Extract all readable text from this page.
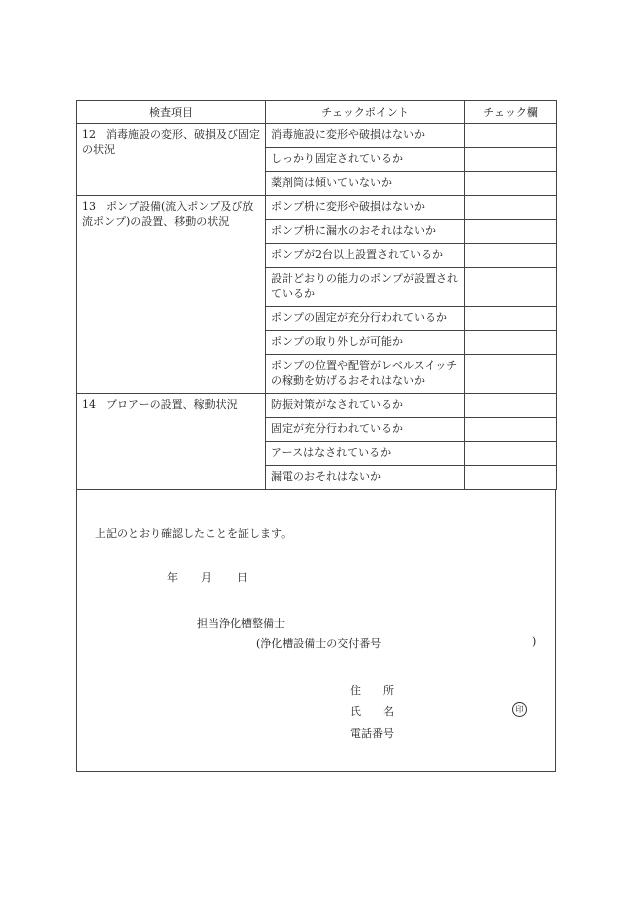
検査項目	チェックポイント	チェック欄
12 消毒施設の変形、破損及び固定の状況	消毒施設に変形や破損はないか	
	しっかり固定されているか	
	薬剤筒は傾いていないか	
13 ポンプ設備(流入ポンプ及び放流ポンプ)の設置、移動の状況	ポンプ枡に変形や破損はないか	
	ポンプ枡に漏水のおそれはないか	
	ポンプが2台以上設置されているか	
	設計どおりの能力のポンプが設置されているか	
	ポンプの固定が充分行われているか	
	ポンプの取り外しが可能か	
	ポンプの位置や配管がレベルスイッチの稼動を妨げるおそれはないか	
14 ブロアーの設置、稼動状況	防振対策がなされているか	
	固定が充分行われているか	
	アースはなされているか	
	漏電のおそれはないか	
上記のとおり確認したことを証します。
年 月 日
担当浄化槽整備士
(浄化槽設備士の交付番号	)
住　　所
氏　　名
電話番号
印
